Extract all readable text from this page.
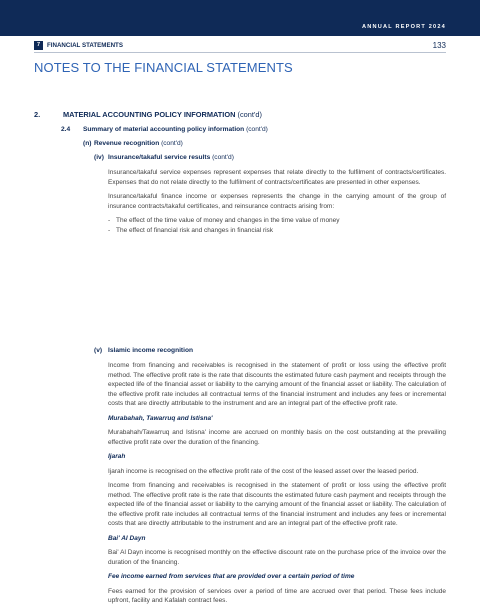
ANNUAL REPORT 2024
7	FINANCIAL STATEMENTS	133
NOTES TO THE FINANCIAL STATEMENTS
2.	MATERIAL ACCOUNTING POLICY INFORMATION (cont'd)
2.4 Summary of material accounting policy information (cont'd)
(n) Revenue recognition (cont'd)
(iv) Insurance/takaful service results (cont'd)

Insurance/takaful service expenses represent expenses that relate directly to the fulfilment of contracts/certificates. Expenses that do not relate directly to the fulfilment of contracts/certificates are presented in other expenses.

Insurance/takaful finance income or expenses represents the change in the carrying amount of the group of insurance contracts/takaful certificates, and reinsurance contracts arising from:

- The effect of the time value of money and changes in the time value of money
- The effect of financial risk and changes in financial risk
(v) Islamic income recognition

Income from financing and receivables is recognised in the statement of profit or loss using the effective profit method. The effective profit rate is the rate that discounts the estimated future cash payment and receipts through the expected life of the financial asset or liability to the carrying amount of the financial asset or liability. The calculation of the effective profit rate includes all contractual terms of the financial instrument and includes any fees or incremental costs that are directly attributable to the instrument and are an integral part of the effective profit rate.

Murabahah, Tawarruq and Istisna'

Murabahah/Tawarruq and Istisna' income are accrued on monthly basis on the cost outstanding at the prevailing effective profit rate over the duration of the financing.

Ijarah

Ijarah income is recognised on the effective profit rate of the cost of the leased asset over the leased period.

Income from financing and receivables is recognised in the statement of profit or loss using the effective profit method. The effective profit rate is the rate that discounts the estimated future cash payment and receipts through the expected life of the financial asset or liability to the carrying amount of the financial asset or liability. The calculation of the effective profit rate includes all contractual terms of the financial instrument and includes any fees or incremental costs that are directly attributable to the instrument and are an integral part of the effective profit rate.

Bai' Al Dayn

Bai' Al Dayn income is recognised monthly on the effective discount rate on the purchase price of the invoice over the duration of the financing.

Fee income earned from services that are provided over a certain period of time

Fees earned for the provision of services over a period of time are accrued over that period. These fees include upfront, facility and Kafalah contract fees.
